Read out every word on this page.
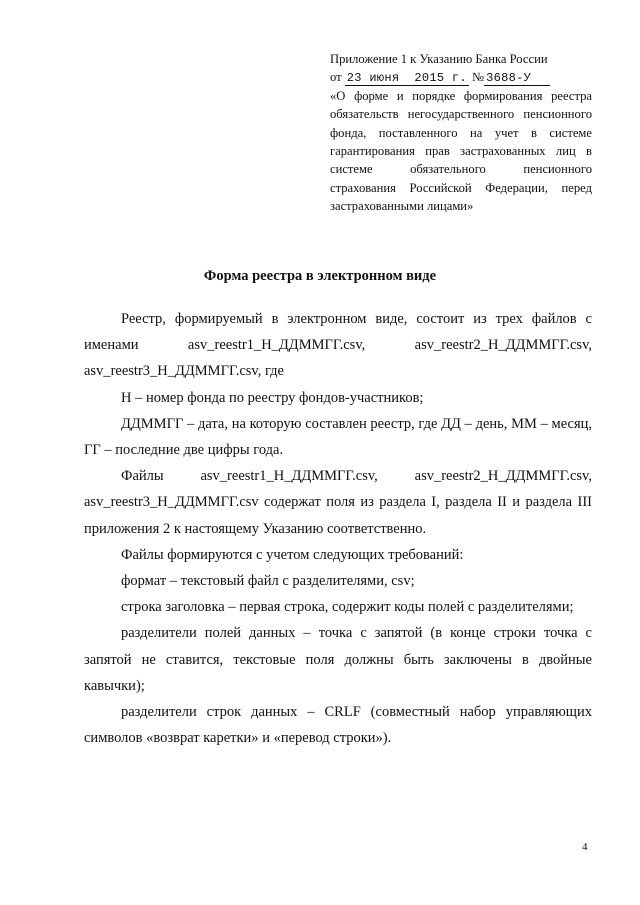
Приложение 1 к Указанию Банка России
от 23 июня 2015 г. № 3688-У
«О форме и порядке формирования реестра
обязательств негосударственного пенсионного
фонда, поставленного на учет в системе
гарантирования прав застрахованных лиц в
системе обязательного пенсионного
страхования Российской Федерации, перед
застрахованными лицами»
Форма реестра в электронном виде

Реестр, формируемый в электронном виде, состоит из трех файлов с именами asv_reestr1_Н_ДДММГГ.csv, asv_reestr2_Н_ДДММГГ.csv, asv_reestr3_Н_ДДММГГ.csv, где

Н – номер фонда по реестру фондов-участников;

ДДММГГ – дата, на которую составлен реестр, где ДД – день, ММ – месяц, ГГ – последние две цифры года.

Файлы asv_reestr1_Н_ДДММГГ.csv, asv_reestr2_Н_ДДММГГ.csv, asv_reestr3_Н_ДДММГГ.csv содержат поля из раздела I, раздела II и раздела III приложения 2 к настоящему Указанию соответственно.

Файлы формируются с учетом следующих требований:

формат – текстовый файл с разделителями, csv;

строка заголовка – первая строка, содержит коды полей с разделителями;

разделители полей данных – точка с запятой (в конце строки точка с запятой не ставится, текстовые поля должны быть заключены в двойные кавычки);

разделители строк данных – CRLF (совместный набор управляющих символов «возврат каретки» и «перевод строки»).

4
